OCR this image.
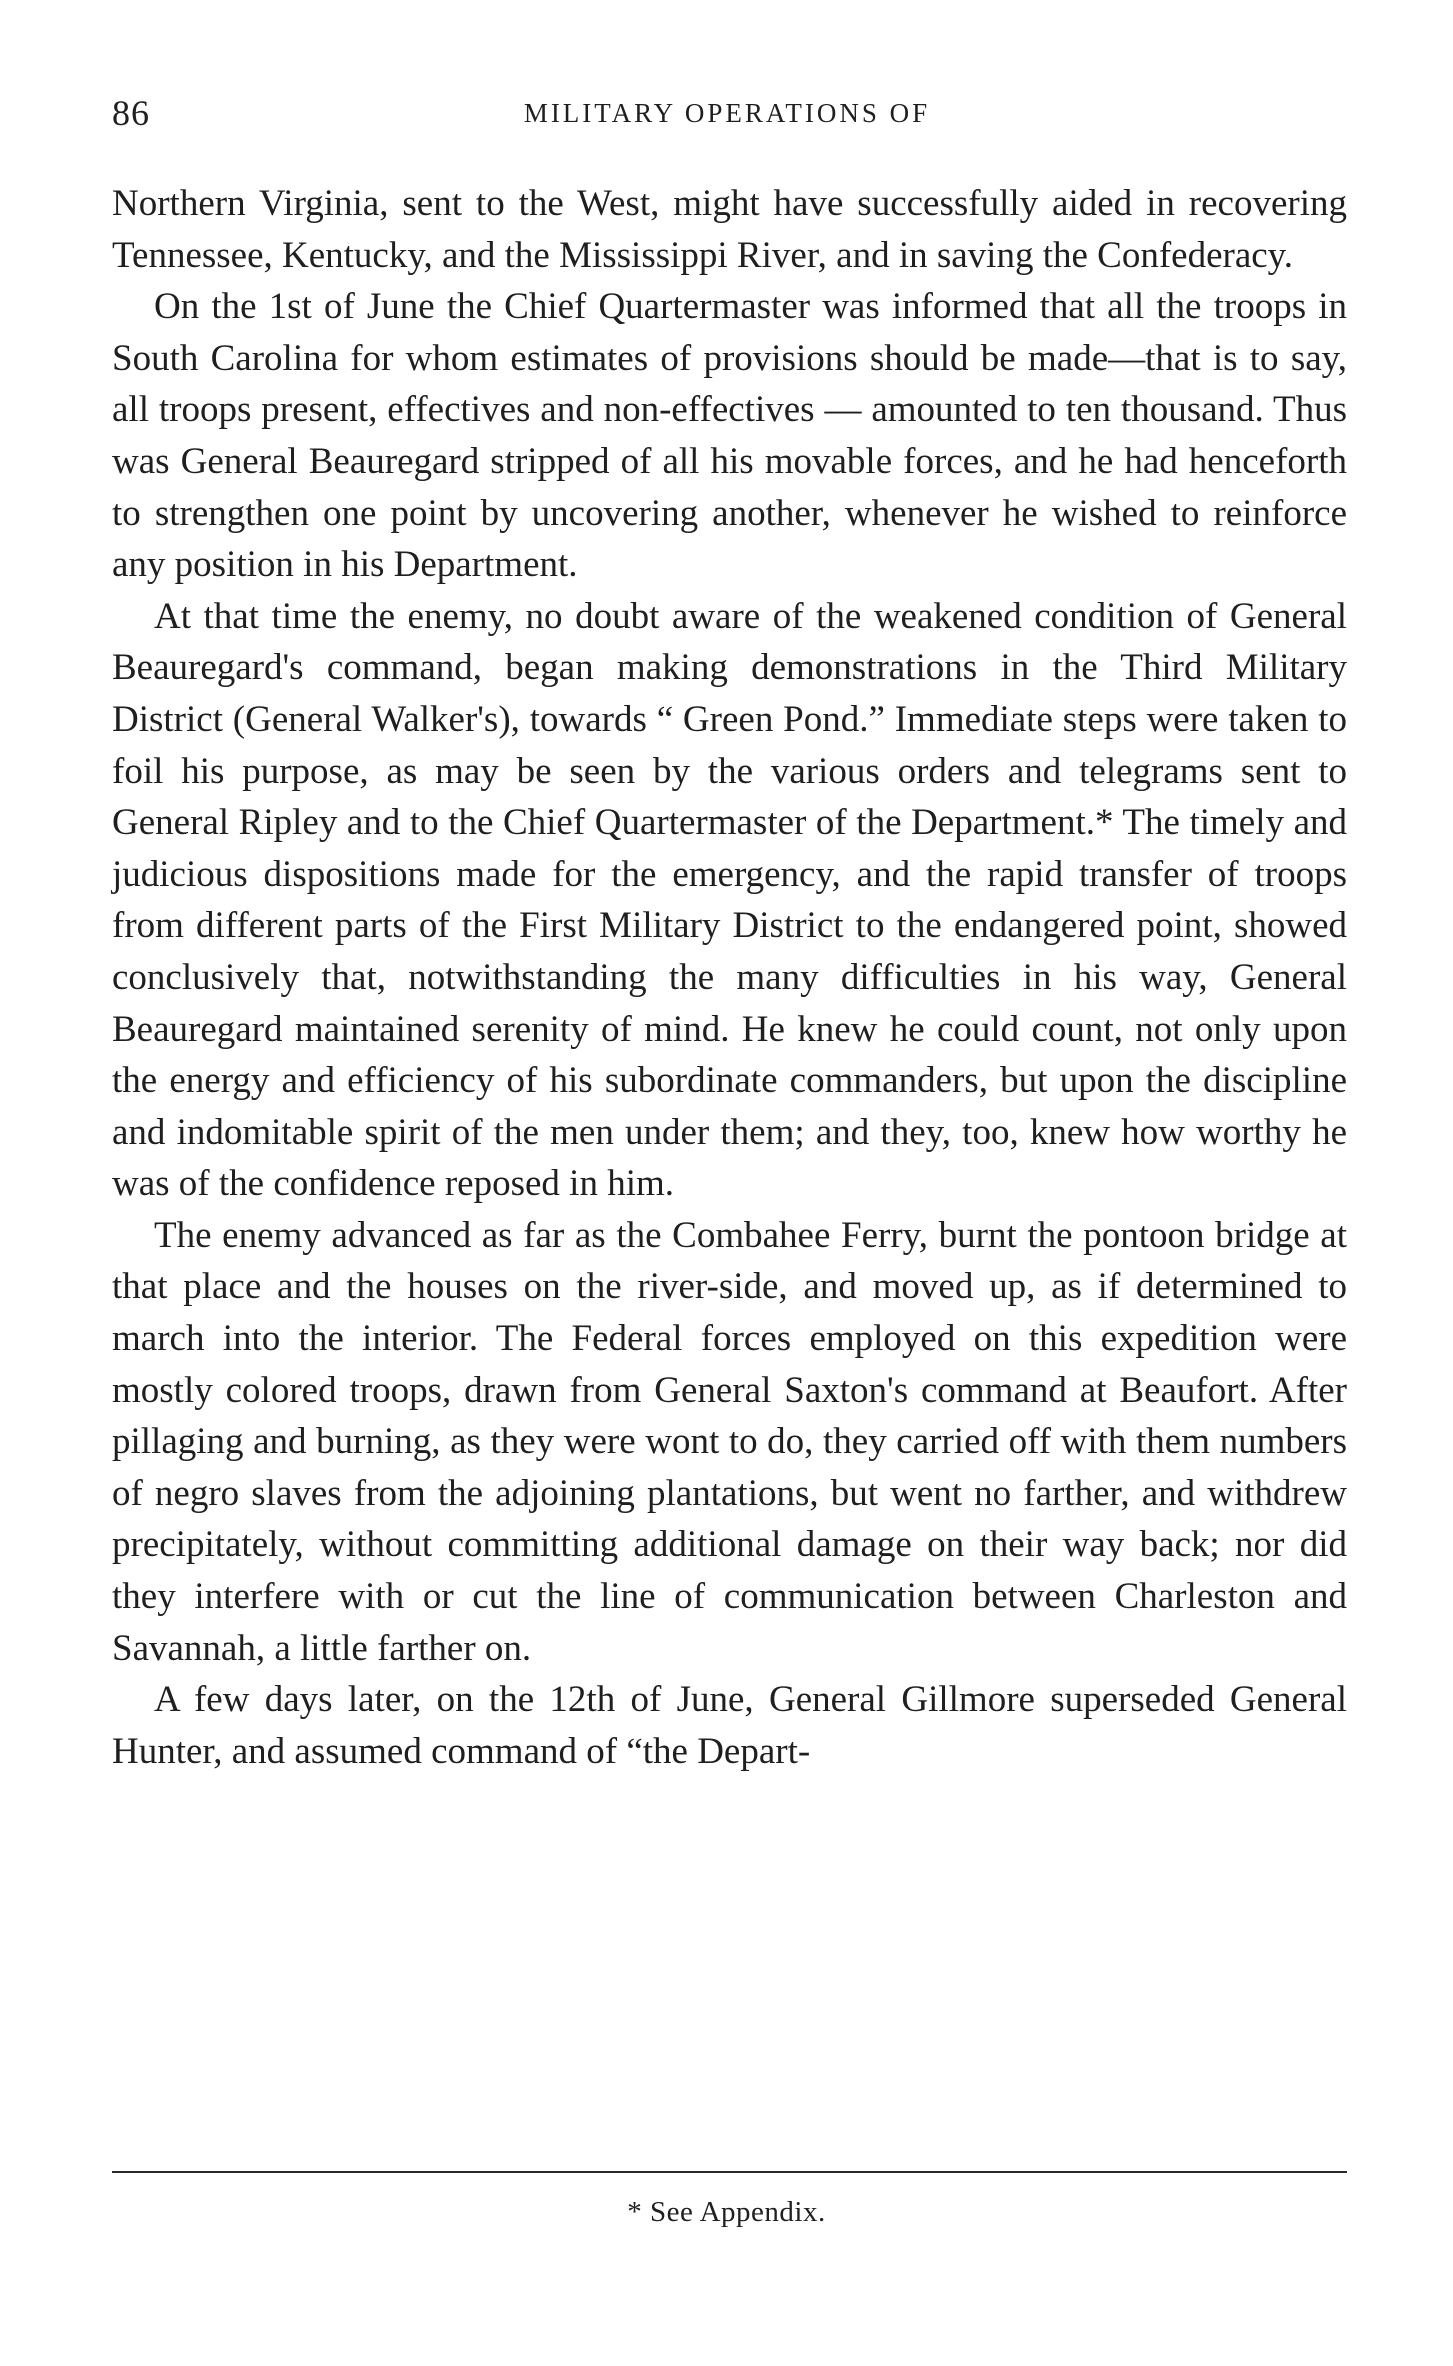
86	MILITARY OPERATIONS OF

Northern Virginia, sent to the West, might have successfully aided in recovering Tennessee, Kentucky, and the Mississippi River, and in saving the Confederacy.

On the 1st of June the Chief Quartermaster was informed that all the troops in South Carolina for whom estimates of provisions should be made—that is to say, all troops present, effectives and non-effectives — amounted to ten thousand. Thus was General Beauregard stripped of all his movable forces, and he had henceforth to strengthen one point by uncovering another, whenever he wished to reinforce any position in his Department.

At that time the enemy, no doubt aware of the weakened condition of General Beauregard's command, began making demonstrations in the Third Military District (General Walker's), towards “ Green Pond.” Immediate steps were taken to foil his purpose, as may be seen by the various orders and telegrams sent to General Ripley and to the Chief Quartermaster of the Department.* The timely and judicious dispositions made for the emergency, and the rapid transfer of troops from different parts of the First Military District to the endangered point, showed conclusively that, notwithstanding the many difficulties in his way, General Beauregard maintained serenity of mind. He knew he could count, not only upon the energy and efficiency of his subordinate commanders, but upon the discipline and indomitable spirit of the men under them; and they, too, knew how worthy he was of the confidence reposed in him.

The enemy advanced as far as the Combahee Ferry, burnt the pontoon bridge at that place and the houses on the river-side, and moved up, as if determined to march into the interior. The Federal forces employed on this expedition were mostly colored troops, drawn from General Saxton's command at Beaufort. After pillaging and burning, as they were wont to do, they carried off with them numbers of negro slaves from the adjoining plantations, but went no farther, and withdrew precipitately, without committing additional damage on their way back; nor did they interfere with or cut the line of communication between Charleston and Savannah, a little farther on.

A few days later, on the 12th of June, General Gillmore superseded General Hunter, and assumed command of “the Depart-

* See Appendix.
